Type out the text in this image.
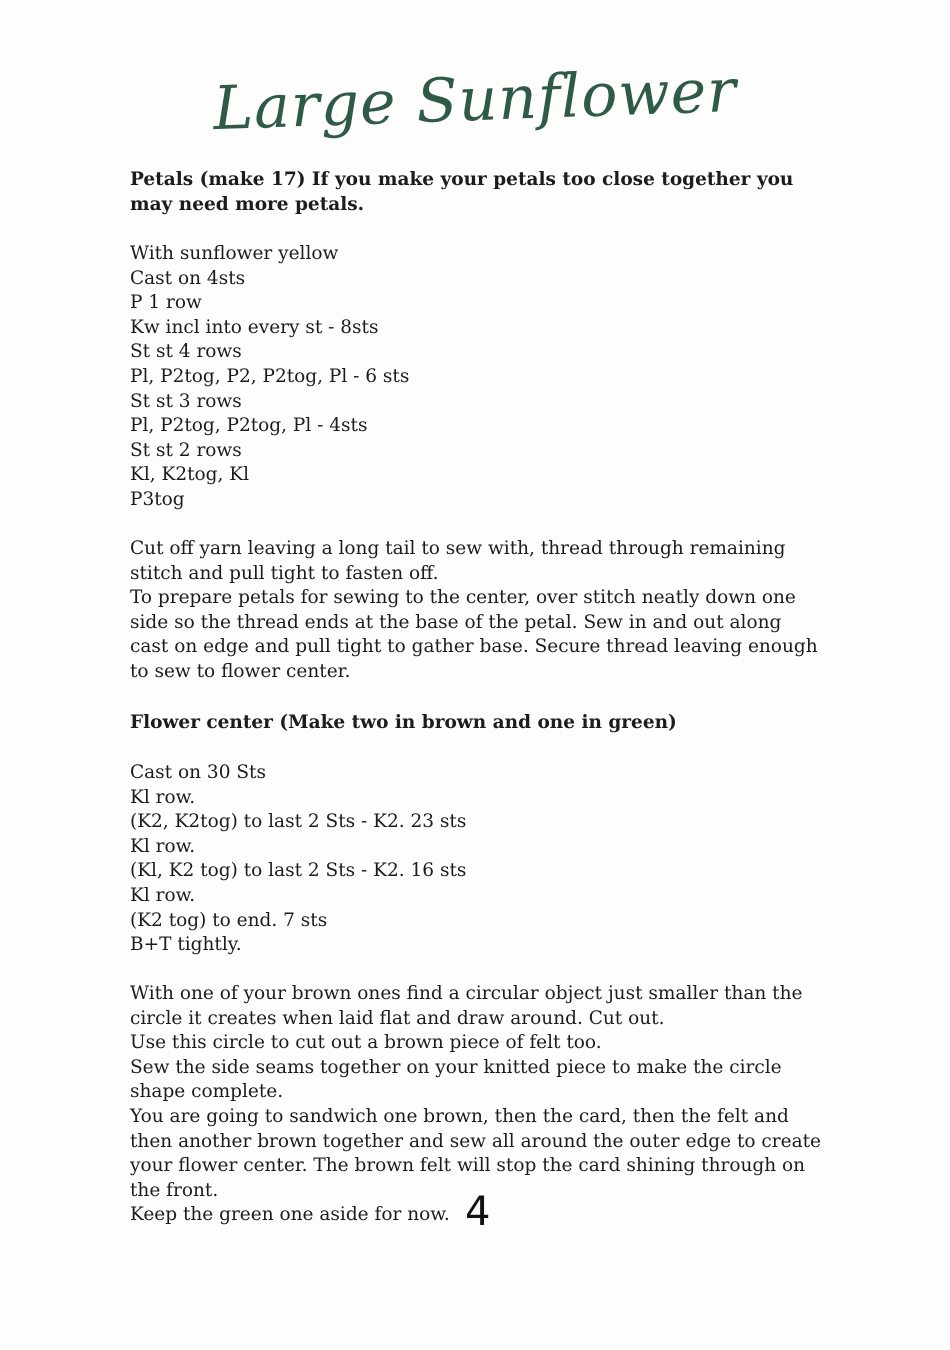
Large Sunflower

Petals (make 17) If you make your petals too close together you may need more petals.

With sunflower yellow
Cast on 4sts
P 1 row
Kw incl into every st - 8sts
St st 4 rows
Pl, P2tog, P2, P2tog, Pl - 6 sts
St st 3 rows
Pl, P2tog, P2tog, Pl - 4sts
St st 2 rows
Kl, K2tog, Kl
P3tog

Cut off yarn leaving a long tail to sew with, thread through remaining stitch and pull tight to fasten off.

To prepare petals for sewing to the center, over stitch neatly down one side so the thread ends at the base of the petal. Sew in and out along cast on edge and pull tight to gather base. Secure thread leaving enough to sew to flower center.

Flower center (Make two in brown and one in green)

Cast on 30 Sts
Kl row.
(K2, K2tog) to last 2 Sts - K2. 23 sts
Kl row.
(Kl, K2 tog) to last 2 Sts - K2. 16 sts
Kl row.
(K2 tog) to end. 7 sts
B+T tightly.

With one of your brown ones find a circular object just smaller than the circle it creates when laid flat and draw around. Cut out.

Use this circle to cut out a brown piece of felt too.

Sew the side seams together on your knitted piece to make the circle shape complete.

You are going to sandwich one brown, then the card, then the felt and then another brown together and sew all around the outer edge to create your flower center. The brown felt will stop the card shining through on the front.

Keep the green one aside for now. 4
